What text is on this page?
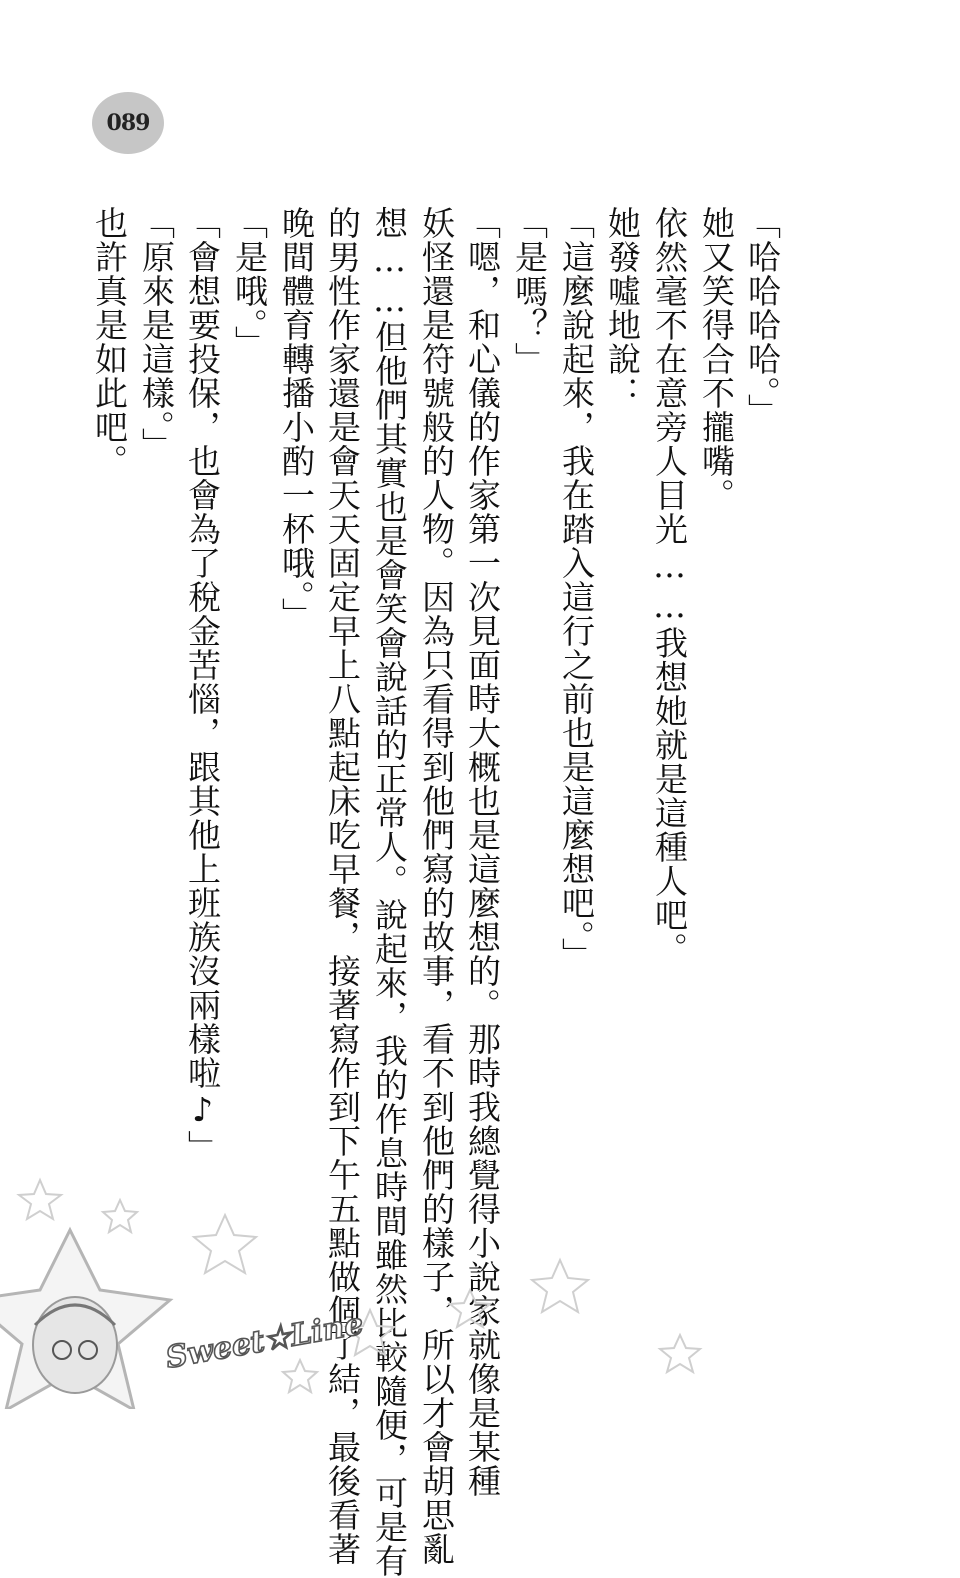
089
「哈哈哈哈。」
她又笑得合不攏嘴。
依然毫不在意旁人目光……我想她就是這種人吧。
她發噓地說：
「這麼說起來，我在踏入這行之前也是這麼想吧。」
「是嗎？」
「嗯，和心儀的作家第一次見面時大概也是這麼想的。那時我總覺得小說家就像是某種
妖怪還是符號般的人物。因為只看得到他們寫的故事，看不到他們的樣子，所以才會胡思亂
想……但他們其實也是會笑會說話的正常人。說起來，我的作息時間雖然比較隨便，可是有
的男性作家還是會天天固定早上八點起床吃早餐，接著寫作到下午五點做個了結，最後看著
晚間體育轉播小酌一杯哦。」
「是哦。」
「會想要投保，也會為了稅金苦惱，跟其他上班族沒兩樣啦♪」
「原來是這樣。」
也許真是如此吧。
Sweet★Line
